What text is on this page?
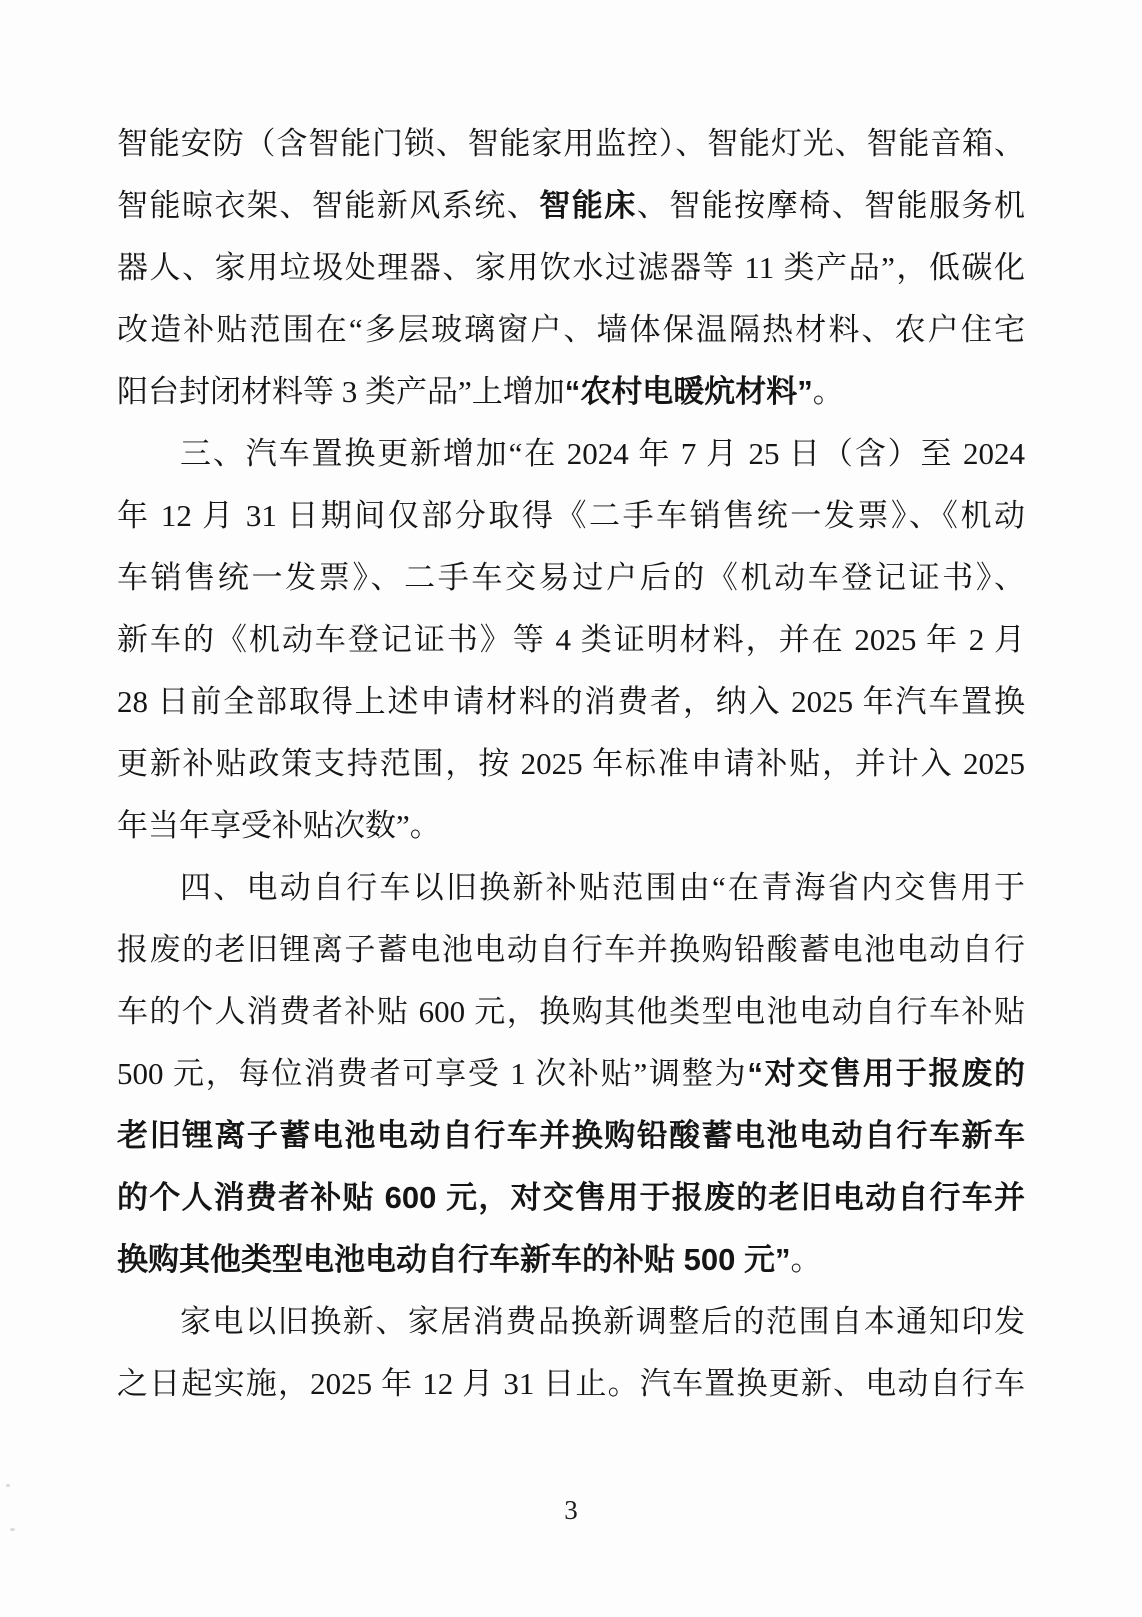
智能安防（含智能门锁、智能家用监控）、智能灯光、智能音箱、
智能晾衣架、智能新风系统、智能床、智能按摩椅、智能服务机
器人、家用垃圾处理器、家用饮水过滤器等 11 类产品”，低碳化
改造补贴范围在“多层玻璃窗户、墙体保温隔热材料、农户住宅
阳台封闭材料等 3 类产品”上增加“农村电暖炕材料”。
三、汽车置换更新增加“在 2024 年 7 月 25 日（含）至 2024
年 12 月 31 日期间仅部分取得《二手车销售统一发票》、《机动
车销售统一发票》、二手车交易过户后的《机动车登记证书》、
新车的《机动车登记证书》等 4 类证明材料，并在 2025 年 2 月
28 日前全部取得上述申请材料的消费者，纳入 2025 年汽车置换
更新补贴政策支持范围，按 2025 年标准申请补贴，并计入 2025
年当年享受补贴次数”。
四、电动自行车以旧换新补贴范围由“在青海省内交售用于
报废的老旧锂离子蓄电池电动自行车并换购铅酸蓄电池电动自行
车的个人消费者补贴 600 元，换购其他类型电池电动自行车补贴
500 元，每位消费者可享受 1 次补贴”调整为“对交售用于报废的
老旧锂离子蓄电池电动自行车并换购铅酸蓄电池电动自行车新车
的个人消费者补贴 600 元，对交售用于报废的老旧电动自行车并
换购其他类型电池电动自行车新车的补贴 500 元”。
家电以旧换新、家居消费品换新调整后的范围自本通知印发
之日起实施，2025 年 12 月 31 日止。汽车置换更新、电动自行车
3
